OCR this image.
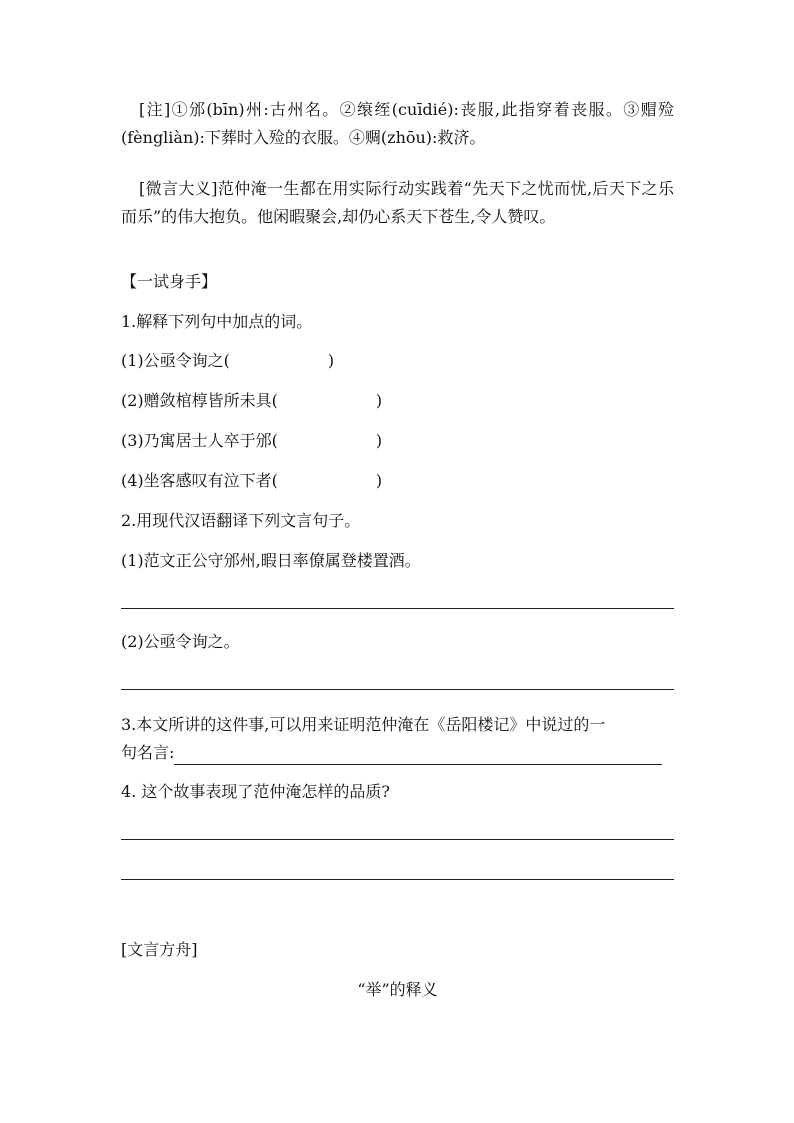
[注]①邠(bīn)州:古州名。②缞绖(cuīdié):丧服,此指穿着丧服。③赗殓(fèngliàn):下葬时入殓的衣服。④赒(zhōu):救济。

[微言大义]范仲淹一生都在用实际行动实践着“先天下之忧而忧,后天下之乐而乐”的伟大抱负。他闲暇聚会,却仍心系天下苍生,令人赞叹。

【一试身手】
1.解释下列句中加点的词。
(1)公亟令询之(	)
(2)赠敛棺椁皆所未具(	)
(3)乃寓居士人卒于邠(	)
(4)坐客感叹有泣下者(	)
2.用现代汉语翻译下列文言句子。
(1)范文正公守邠州,暇日率僚属登楼置酒。
(2)公亟令询之。
3.本文所讲的这件事,可以用来证明范仲淹在《岳阳楼记》中说过的一
句名言:
4. 这个故事表现了范仲淹怎样的品质?
[文言方舟]
“举”的释义
